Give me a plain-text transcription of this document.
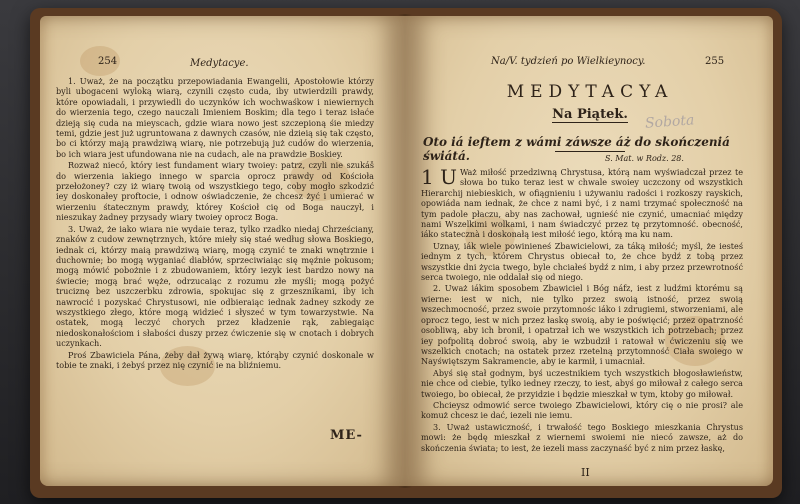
254	Medytacye.

1. Uważ, że na początku przepowiadania Ewangelii, Apostołowie którzy byli ubogaceni wyloką wiarą, czynili często cuda, iby utwierdzili prawdy, które opowiadali, i przywiedli do uczynków ich wochwaśkow i niewiernych do wierzenia tego, czego nauczali Imieniem Boskim; dla tego i teraz isłaće dzieją się cuda na mieyscach, gdzie wiara nowo jest szczepioną śie miedzy temi, gdzie jest już ugruntowana z dawnych czasów, nie dzieią się tak często, bo ci którzy mają prawdziwą wiarę, nie potrzebują już cudów do wierzenia, bo ich wiara jest ufundowana nie na cudach, ale na prawdzie Boskiey.

Rozważ niecó, który iest fundament wiary twoiey: patrz, czyli nie szukáš do wierzenia iakiego innego w sparcia oprocz prawdy od Kościoła przełożoney? czy iż wiarę twoią od wszystkiego tego, coby mogło szkodzić iey doskonałey proftocie, i odnow oświadczenie, że chcesz żyć i umierać w wierzeniu śtatecznym prawdy, którey Kościoł cię od Boga nauczył, i nieszukay żadney przysady wiary twoiey oprocz Boga.

3. Uważ, że iako wiara nie wydaie teraz, tylko rzadko niedaj Chrześciany, znaków z cudow zewnętrznych, które mieły się staé według słowa Boskiego, iednak ci, którzy maią prawdziwą wiarę, mogą czynić te znaki wnętrznie i duchownie; bo mogą wyganiać diabłów, sprzeciwiaiąc się męźnie pokusom; mogą mówić pobożnie i z zbudowaniem, który iezyk iest bardzo nowy na świecie; mogą brać węże, odrzucaiąc z rozumu złe myśli; mogą pożyć truciznę bez uszczerbku zdrowia, spokujac się z grzesznikami, iby ich nawrocić i pozyskać Chrystusowi, nie odbieraiąc iednak żadney szkody ze wszystkiego złego, które mogą widzieć i słyszeć w tym towarzystwie. Na ostatek, mogą leczyć chorych przez kładzenie rąk, zabiegaiąc niedoskonałościom i słabości duszy przez ćwiczenie się w cnotach i dobrych uczynkach.

Proś Zbawiciela Pána, żeby dał żywą wiarę, którąby czynić doskonale w tobie te znaki, i żebyś przez nię czynić ie na bliźniemu.

ME-
Na/V. tydzień po Wielkieynocy.	255
MEDYTACYA
Na Piątek.	Sobota
Oto iá ieftem z wámi záwsze áż do skończeniá świátá.	S. Mat. w Rodz. 28.

1 U Waż miłość przedziwną Chrystusa, którą nam wyświadczał przez te słowa bo tuko teraz iest w chwale swoiey uczczony od wszystkich Hierarchij niebieskich, w ofiągnieniu i używaniu radości i rozkoszy rayskich, opowiáda nam iednak, że chce z nami być, i z nami trzymać społeczność na tym padole płaczu, aby nas zachował, ugnieść nie czynić, umacniać między nami Wszelkimi wolkami, i nam świadczyć przez tę przytomność. obecność, iáko statecznà i doskonałą iest miłość iego, którą ma ku nam.

Uznay, iák wiele powinieneś Zbawicielowi, za táką miłość; myśl, że iesteś iednym z tych, którem Chrystus obiecał to, że chce bydź z tobą przez wszystkie dni życia twego, byle chciałeś bydź z nim, i aby przez przewrotność serca twoiego, nie oddalał się od niego.

2. Uważ iákim sposobem Zbawiciel i Bóg náfz, iest z ludźmi ktorému są wierne: iest w nich, nie tylko przez swoią istność, przez swoią wszechmocność, przez swoie przytomnośc iáko i zdrugiemi, stworzeniami, ale oprocz tego, iest w nich przez łaskę swoią, aby ie poświęcić; przez opatrzność osobliwą, aby ich bronił, i opatrzał ich we wszystkich ich potrzebach; przez iey pofpolitą dobroć swoią, aby ie wzbudził i ratował w ćwiczeniu się we wszelkich cnotach; na ostatek przez rzetelną przytomność Ciała swoiego w Nayświętszym Sakramencie, aby ie karmił, i umacniał.

Abyś się stał godnym, byś uczestnikiem tych wszystkich błogosławieństw, nie chce od ciebie, tylko iedney rzeczy, to iest, abyś go miłował z całego serca twoiego, bo obiecał, że przyidzie i będzie mieszkał w tym, ktoby go miłował.

Chcieysz odmowić serce twoiego Zbawicielowi, który cię o nie prosi? ale komuż chcesz ie dać, iezeli nie iemu.

3. Uważ ustawiczność, i trwałość tego Boskiego mieszkania Chrystus mowi: że będę mieszkał z wiernemi swoiemi nie niecó zawsze, aż do skończenia świata; to iest, że iezeli mass zaczynaść być z nim przez łaskę,

II
